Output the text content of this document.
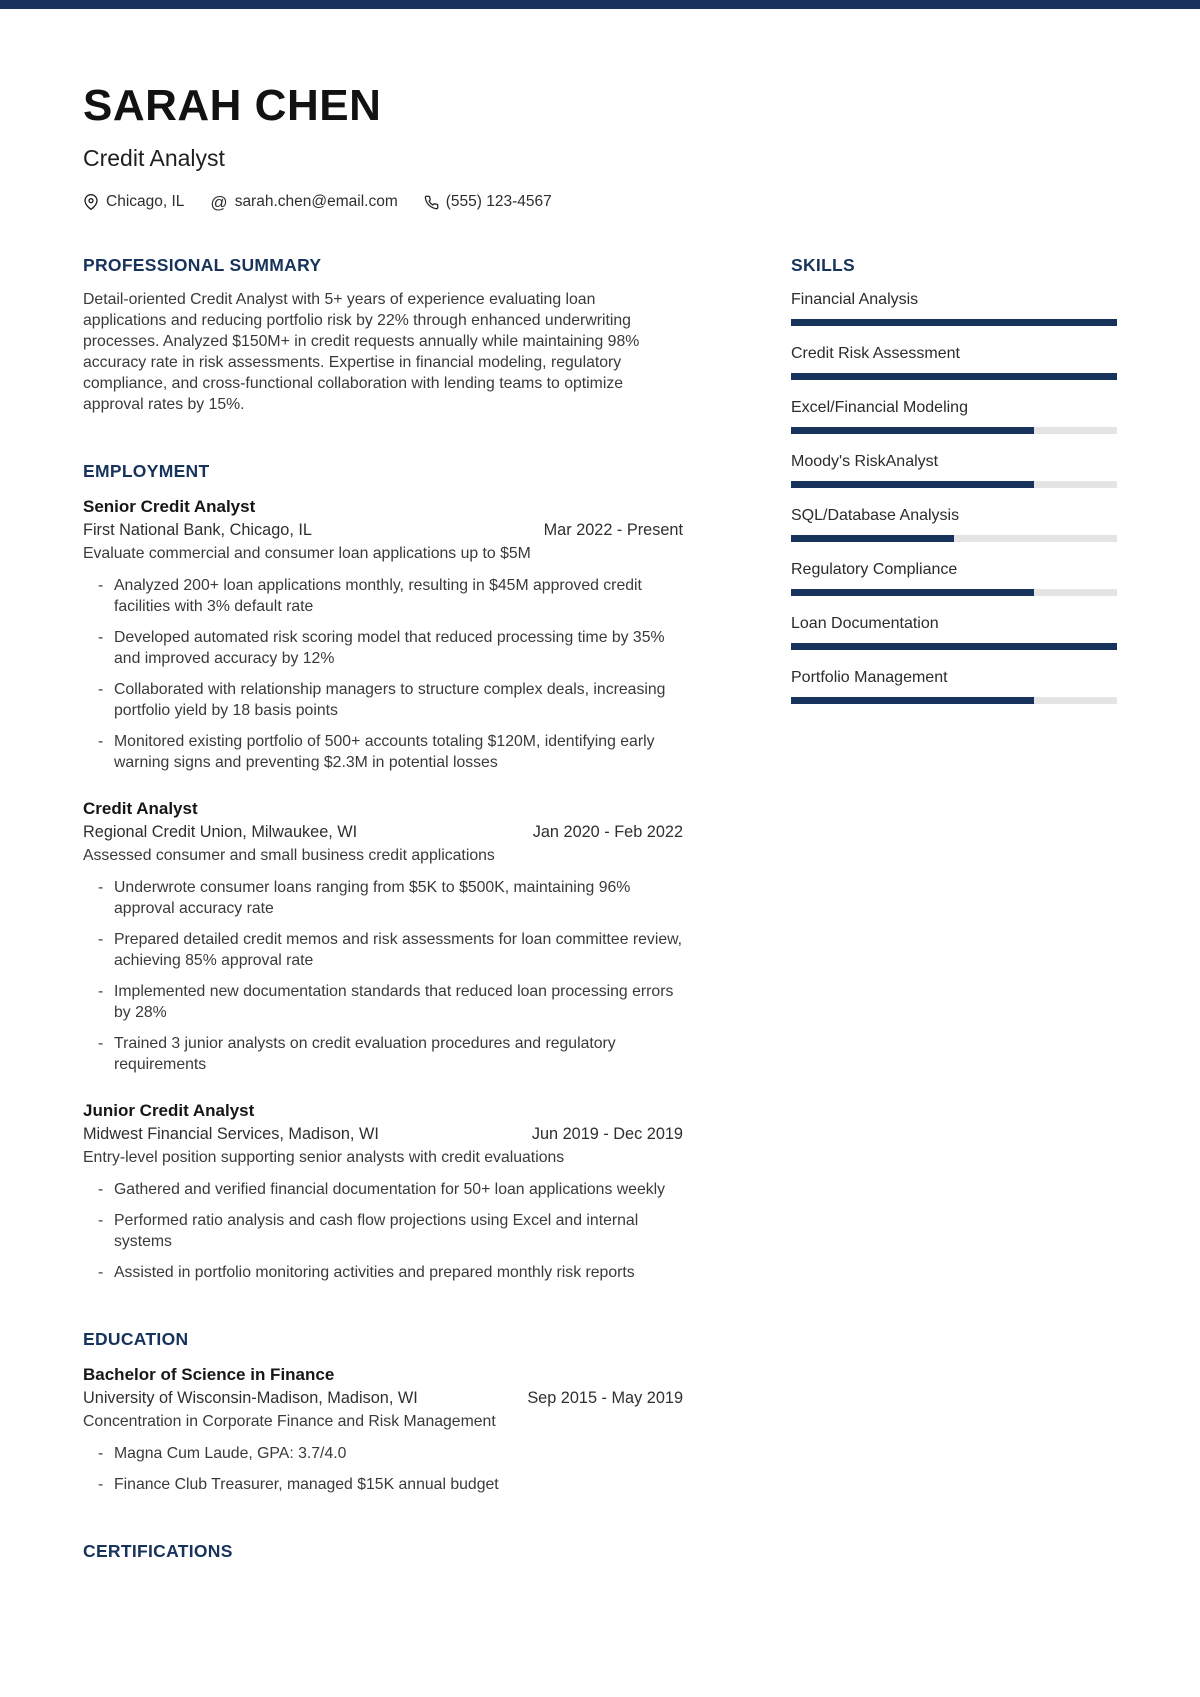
SARAH CHEN
Credit Analyst
Chicago, IL @ sarah.chen@email.com	(555) 123-4567
PROFESSIONAL SUMMARY

Detail-oriented Credit Analyst with 5+ years of experience evaluating loan applications and reducing portfolio risk by 22% through enhanced underwriting processes. Analyzed $150M+ in credit requests annually while maintaining 98% accuracy rate in risk assessments. Expertise in financial modeling, regulatory compliance, and cross-functional collaboration with lending teams to optimize approval rates by 15%.

EMPLOYMENT
Senior Credit Analyst
First National Bank, Chicago, IL	Mar 2022 - Present
Evaluate commercial and consumer loan applications up to $5M
- Analyzed 200+ loan applications monthly, resulting in $45M approved credit facilities with 3% default rate
- Developed automated risk scoring model that reduced processing time by 35% and improved accuracy by 12%
- Collaborated with relationship managers to structure complex deals, increasing portfolio yield by 18 basis points
- Monitored existing portfolio of 500+ accounts totaling $120M, identifying early warning signs and preventing $2.3M in potential losses
Credit Analyst
Regional Credit Union, Milwaukee, WI	Jan 2020 - Feb 2022
Assessed consumer and small business credit applications
- Underwrote consumer loans ranging from $5K to $500K, maintaining 96% approval accuracy rate
- Prepared detailed credit memos and risk assessments for loan committee review, achieving 85% approval rate
- Implemented new documentation standards that reduced loan processing errors by 28%
- Trained 3 junior analysts on credit evaluation procedures and regulatory requirements
Junior Credit Analyst
Midwest Financial Services, Madison, WI	Jun 2019 - Dec 2019
Entry-level position supporting senior analysts with credit evaluations
- Gathered and verified financial documentation for 50+ loan applications weekly
- Performed ratio analysis and cash flow projections using Excel and internal systems
- Assisted in portfolio monitoring activities and prepared monthly risk reports
EDUCATION
Bachelor of Science in Finance
University of Wisconsin-Madison, Madison, WI	Sep 2015 - May 2019
Concentration in Corporate Finance and Risk Management
- Magna Cum Laude, GPA: 3.7/4.0
- Finance Club Treasurer, managed $15K annual budget
CERTIFICATIONS
SKILLS
Financial Analysis
Credit Risk Assessment
Excel/Financial Modeling
Moody's RiskAnalyst
SQL/Database Analysis
Regulatory Compliance
Loan Documentation
Portfolio Management
